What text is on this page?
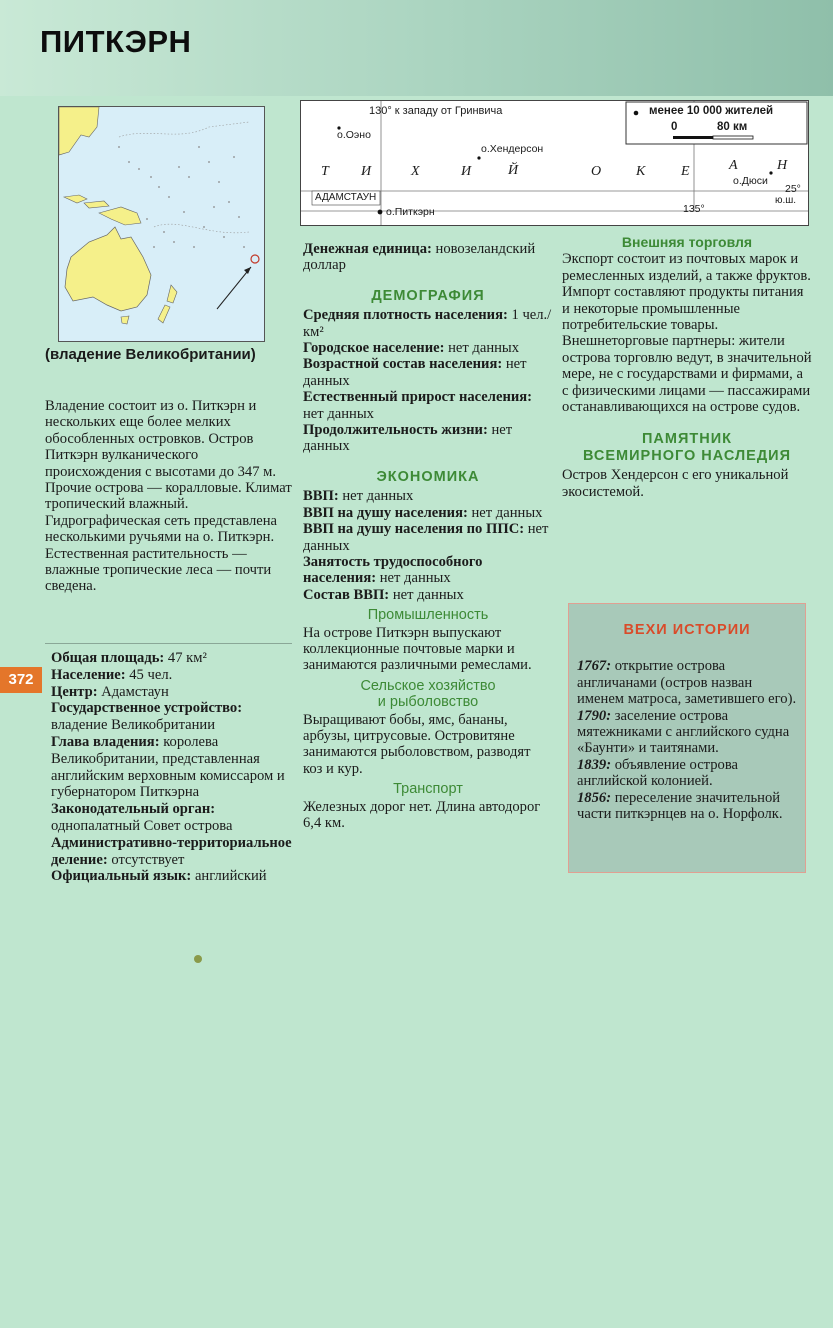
ПИТКЭРН
130° к западу от Гринвича	менее 10 000 жителей
0	80 км
о.Оэно
о.Хендерсон
о.Дюси
АДАМСТАУН
о.Питкэрн	135°
25°
ю.ш.
Т И	Х	И	Й	О К	Е	А	Н
(владение Великобритании)
Владение состоит из о. Питкэрн и нескольких еще более мелких обособленных островков. Остров Питкэрн вулканического происхождения с высотами до 347 м. Прочие острова — коралловые. Климат тропический влажный. Гидрографическая сеть представлена несколькими ручьями на о. Питкэрн. Естественная растительность — влажные тропические леса — почти сведена.
372

Общая площадь: 47 км²

Население: 45 чел.

Центр: Адамстаун

Государственное устройство: владение Великобритании

Глава владения: королева Великобритании, представленная английским верховным комиссаром и губернатором Питкэрна

Законодательный орган: однопалатный Совет острова

Административно-территориальное деление: отсутствует

Официальный язык: английский

Денежная единица: новозеландский доллар

ДЕМОГРАФИЯ

Средняя плотность населения: 1 чел./км²

Городское население: нет данных

Возрастной состав населения: нет данных

Естественный прирост населения: нет данных

Продолжительность жизни: нет данных

ЭКОНОМИКА

ВВП: нет данных

ВВП на душу населения: нет данных

ВВП на душу населения по ППС: нет данных

Занятость трудоспособного населения: нет данных

Состав ВВП: нет данных

Промышленность

На острове Питкэрн выпускают коллекционные почтовые марки и занимаются различными ремеслами.

Сельское хозяйство
и рыболовство

Выращивают бобы, ямс, бананы, арбузы, цитрусовые. Островитяне занимаются рыболовством, разводят коз и кур.

Транспорт

Железных дорог нет. Длина автодорог 6,4 км.

Внешняя торговля

Экспорт состоит из почтовых марок и ремесленных изделий, а также фруктов. Импорт составляют продукты питания и некоторые промышленные потребительские товары. Внешнеторговые партнеры: жители острова торговлю ведут, в значительной мере, не с государствами и фирмами, а с физическими лицами — пассажирами останавливающихся на острове судов.

ПАМЯТНИК
ВСЕМИРНОГО НАСЛЕДИЯ

Остров Хендерсон с его уникальной экосистемой.

ВЕХИ ИСТОРИИ

1767: открытие острова англичанами (остров назван именем матроса, заметившего его).

1790: заселение острова мятежниками с английского судна «Баунти» и таитянами.

1839: объявление острова английской колонией.

1856: переселение значительной части питкэрнцев на о. Норфолк.
